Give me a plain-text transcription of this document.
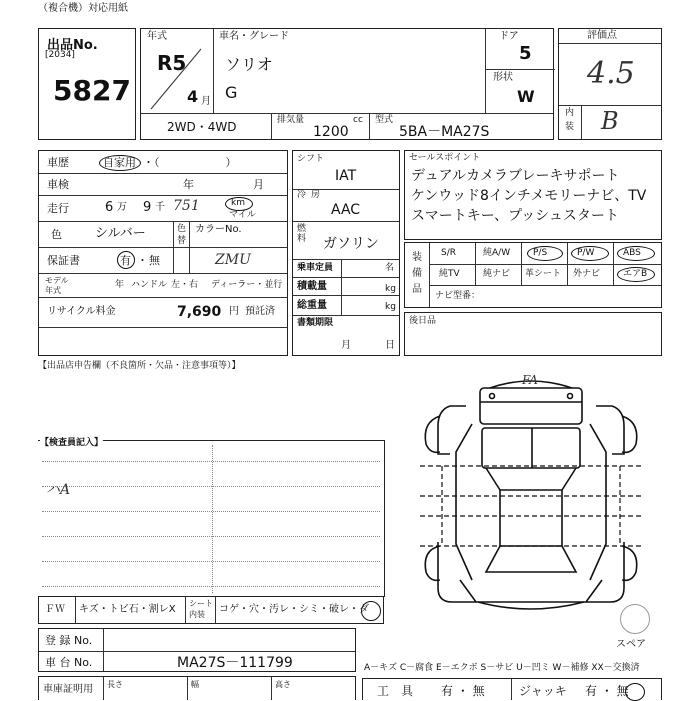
（複合機）対応用紙
出品No.
[2034]
5827
年式
R5
4 月
車名・グレード
ソリオ
G
ドア
5
形状
W
2WD・4WD	排気量	cc
1200
型式
5BA－MA27S
評価点
4.5
内
装 B
車歴	自家用 ・（　　　　　　）
車検	年	月
走行	6 万 9 千 751	km
マイル
色	シルバー	色
替
カラーNo.
保証書	有 ・ 無	ZMU
モデル
年式
年 ハンドル 左・右 ディーラー・並行
リサイクル料金	7,690 円 預託済
シフト
IAT
冷 房
AAC
燃
料 ガソリン
乗車定員	名
積載量	kg
総重量	kg
書類期限
月	日
セールスポイント
デュアルカメラブレーキサポート
ケンウッド8インチメモリーナビ、TV
スマートキー、プッシュスタート
装
備
品
S/R	純A/W	P/S	P/W	ABS
純TV	純ナビ 革シート 外ナビ	エアB
ナビ型番：
後日品
【出品店申告欄（不良箇所・欠品・注意事項等）】
【検査員記入】
ハA
FA
スペア
ＦＷ キズ・トビ石・割レX
シート
内装 コゲ・穴・汚レ・シミ・破レ・ダ
登 録 No.
車 台 No.	MA27S－111799
車庫証明用 長さ	幅	高さ
A－キズ C－腐食 E－エクボ S－サビ U－凹ミ W－補修 XX－交換済
工　具 有 ・ 無	ジャッキ 有 ・ 無
